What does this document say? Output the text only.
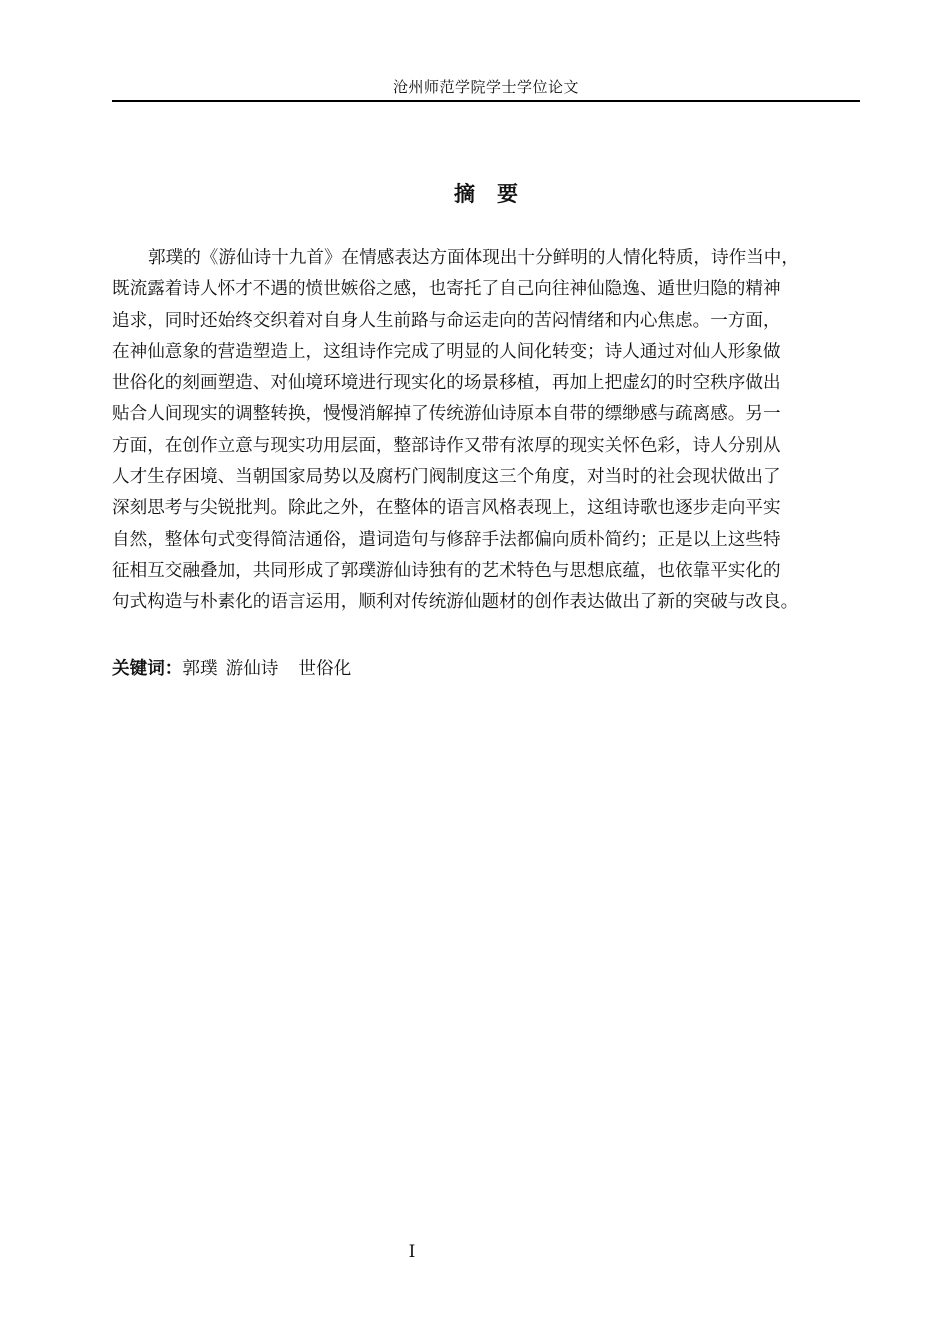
沧州师范学院学士学位论文
摘   要
郭璞的《游仙诗十九首》在情感表达方面体现出十分鲜明的人情化特质，诗作当中，
既流露着诗人怀才不遇的愤世嫉俗之感，也寄托了自己向往神仙隐逸、遁世归隐的精神
追求，同时还始终交织着对自身人生前路与命运走向的苦闷情绪和内心焦虑。一方面，
在神仙意象的营造塑造上，这组诗作完成了明显的人间化转变；诗人通过对仙人形象做
世俗化的刻画塑造、对仙境环境进行现实化的场景移植，再加上把虚幻的时空秩序做出
贴合人间现实的调整转换，慢慢消解掉了传统游仙诗原本自带的缥缈感与疏离感。另一
方面，在创作立意与现实功用层面，整部诗作又带有浓厚的现实关怀色彩，诗人分别从
人才生存困境、当朝国家局势以及腐朽门阀制度这三个角度，对当时的社会现状做出了
深刻思考与尖锐批判。除此之外，在整体的语言风格表现上，这组诗歌也逐步走向平实
自然，整体句式变得简洁通俗，遣词造句与修辞手法都偏向质朴简约；正是以上这些特
征相互交融叠加，共同形成了郭璞游仙诗独有的艺术特色与思想底蕴，也依靠平实化的
句式构造与朴素化的语言运用，顺利对传统游仙题材的创作表达做出了新的突破与改良。
关键词：郭璞 游仙诗 世俗化
I
